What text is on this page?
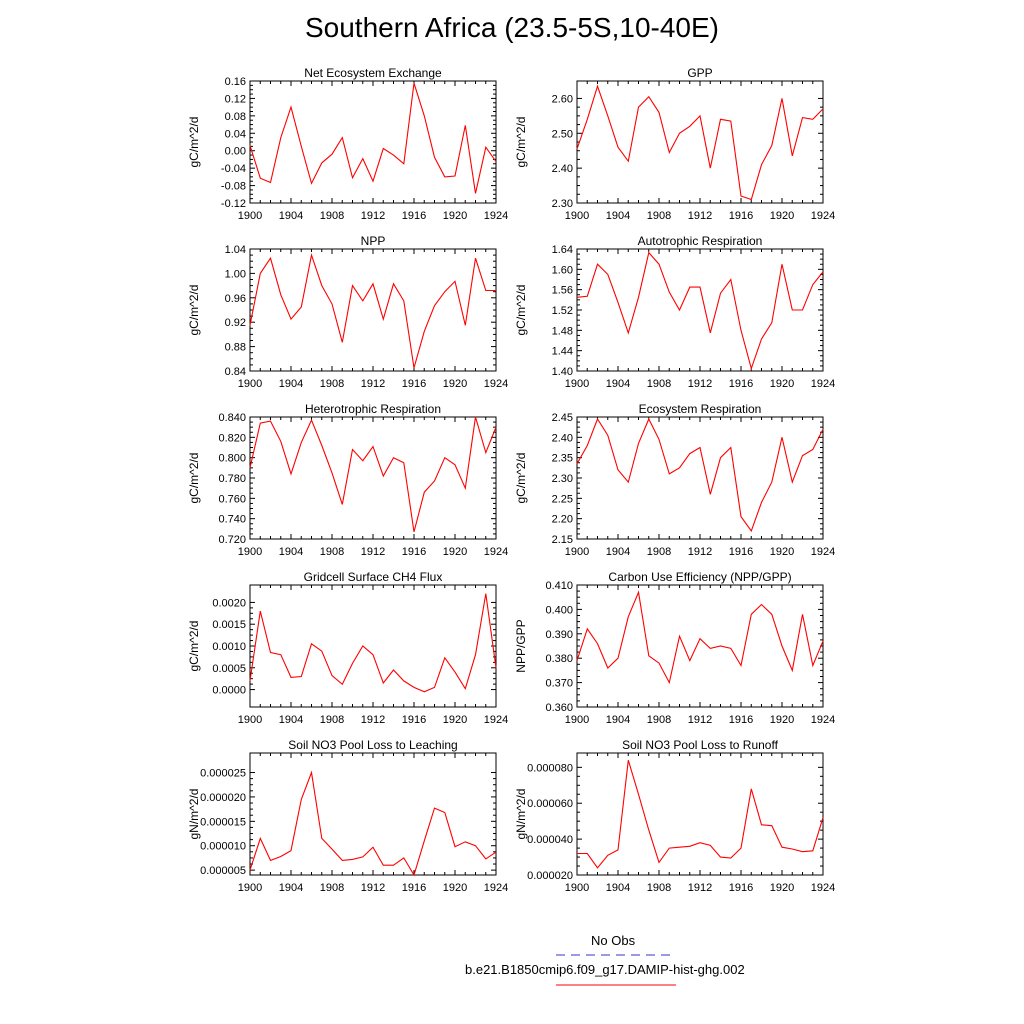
Southern Africa (23.5-5S,10-40E)
1900 1904 1908 1912 1916 1920 1924
-0.12
-0.08
-0.04
0.00
0.04
0.08
0.12
0.16
Net Ecosystem Exchange
gC/m^2/d
1900 1904 1908 1912 1916 1920 1924
2.30
2.40
2.50
2.60
GPP
gC/m^2/d
1900 1904 1908 1912 1916 1920 1924
0.84
0.88
0.92
0.96
1.00
1.04
NPP
gC/m^2/d
1900 1904 1908 1912 1916 1920 1924
1.40
1.44
1.48
1.52
1.56
1.60
1.64
Autotrophic Respiration
gC/m^2/d
1900 1904 1908 1912 1916 1920 1924
0.720
0.740
0.760
0.780
0.800
0.820
0.840
Heterotrophic Respiration
gC/m^2/d
1900 1904 1908 1912 1916 1920 1924
2.15
2.20
2.25
2.30
2.35
2.40
2.45
Ecosystem Respiration
gC/m^2/d
1900 1904 1908 1912 1916 1920 1924
0.0000
0.0005
0.0010
0.0015
0.0020
Gridcell Surface CH4 Flux
gC/m^2/d
1900 1904 1908 1912 1916 1920 1924
0.360
0.370
0.380
0.390
0.400
0.410
Carbon Use Efficiency (NPP/GPP)
NPP/GPP
1900 1904 1908 1912 1916 1920 1924
0.000005
0.000010
0.000015
0.000020
0.000025
Soil NO3 Pool Loss to Leaching
gN/m^2/d
1900 1904 1908 1912 1916 1920 1924
0.000020
0.000040
0.000060
0.000080
Soil NO3 Pool Loss to Runoff
gN/m^2/d
No Obs
b.e21.B1850cmip6.f09_g17.DAMIP-hist-ghg.002
